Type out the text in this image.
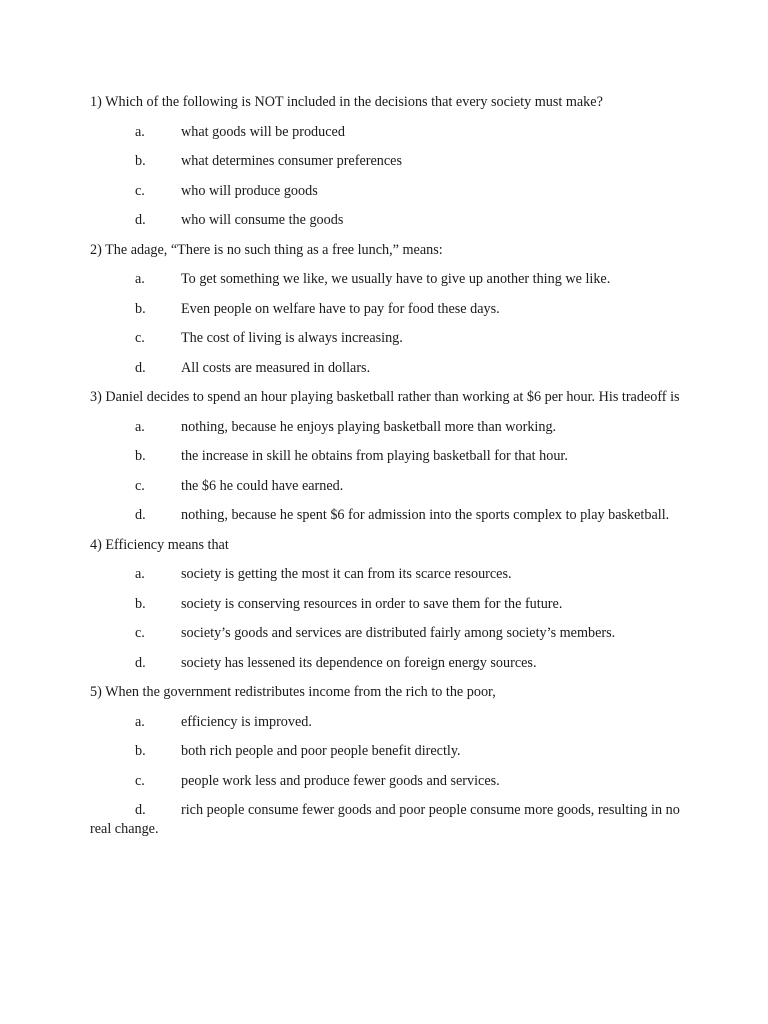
1) Which of the following is NOT included in the decisions that every society must make?

a.	what goods will be produced
b. what determines consumer preferences
c.	who will produce goods
d. who will consume the goods

2) The adage, “There is no such thing as a free lunch,” means:

a.	To get something we like, we usually have to give up another thing we like.
b. Even people on welfare have to pay for food these days.
c.	The cost of living is always increasing.
d. All costs are measured in dollars.

3) Daniel decides to spend an hour playing basketball rather than working at $6 per hour. His tradeoff is

a.	nothing, because he enjoys playing basketball more than working.
b. the increase in skill he obtains from playing basketball for that hour.
c.	the $6 he could have earned.
d. nothing, because he spent $6 for admission into the sports complex to play basketball.

4) Efficiency means that

a.	society is getting the most it can from its scarce resources.
b. society is conserving resources in order to save them for the future.
c.	society’s goods and services are distributed fairly among society’s members.
d. society has lessened its dependence on foreign energy sources.

5) When the government redistributes income from the rich to the poor,

a.	efficiency is improved.
b. both rich people and poor people benefit directly.
c.	people work less and produce fewer goods and services.
d. rich people consume fewer goods and poor people consume more goods, resulting in no real change.
